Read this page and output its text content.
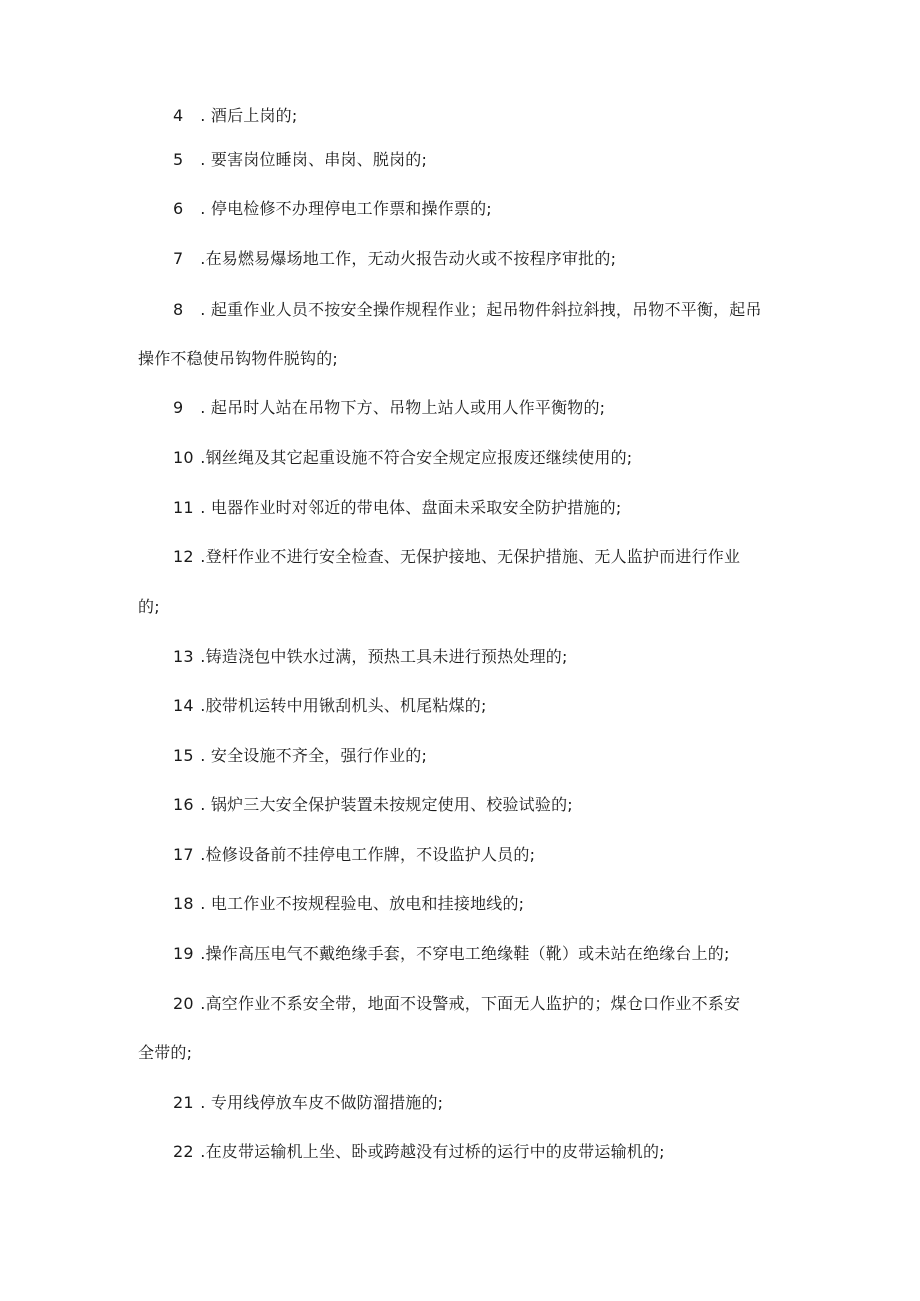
4 . 酒后上岗的;
5 . 要害岗位睡岗、串岗、脱岗的;
6 . 停电检修不办理停电工作票和操作票的;
7 .在易燃易爆场地工作，无动火报告动火或不按程序审批的;
8 . 起重作业人员不按安全操作规程作业；起吊物件斜拉斜拽，吊物不平衡，起吊
操作不稳使吊钩物件脱钩的;
9 . 起吊时人站在吊物下方、吊物上站人或用人作平衡物的;
10 .钢丝绳及其它起重设施不符合安全规定应报废还继续使用的;
11 . 电器作业时对邻近的带电体、盘面未采取安全防护措施的;
12 .登杆作业不进行安全检查、无保护接地、无保护措施、无人监护而进行作业
的;
13 .铸造浇包中铁水过满，预热工具未进行预热处理的;
14 .胶带机运转中用锹刮机头、机尾粘煤的;
15 . 安全设施不齐全，强行作业的;
16 . 锅炉三大安全保护装置未按规定使用、校验试验的;
17 .检修设备前不挂停电工作牌，不设监护人员的;
18 . 电工作业不按规程验电、放电和挂接地线的;
19 .操作高压电气不戴绝缘手套，不穿电工绝缘鞋（靴）或未站在绝缘台上的;
20 .高空作业不系安全带，地面不设警戒，下面无人监护的；煤仓口作业不系安
全带的;
21 . 专用线停放车皮不做防溜措施的;
22 .在皮带运输机上坐、卧或跨越没有过桥的运行中的皮带运输机的;
